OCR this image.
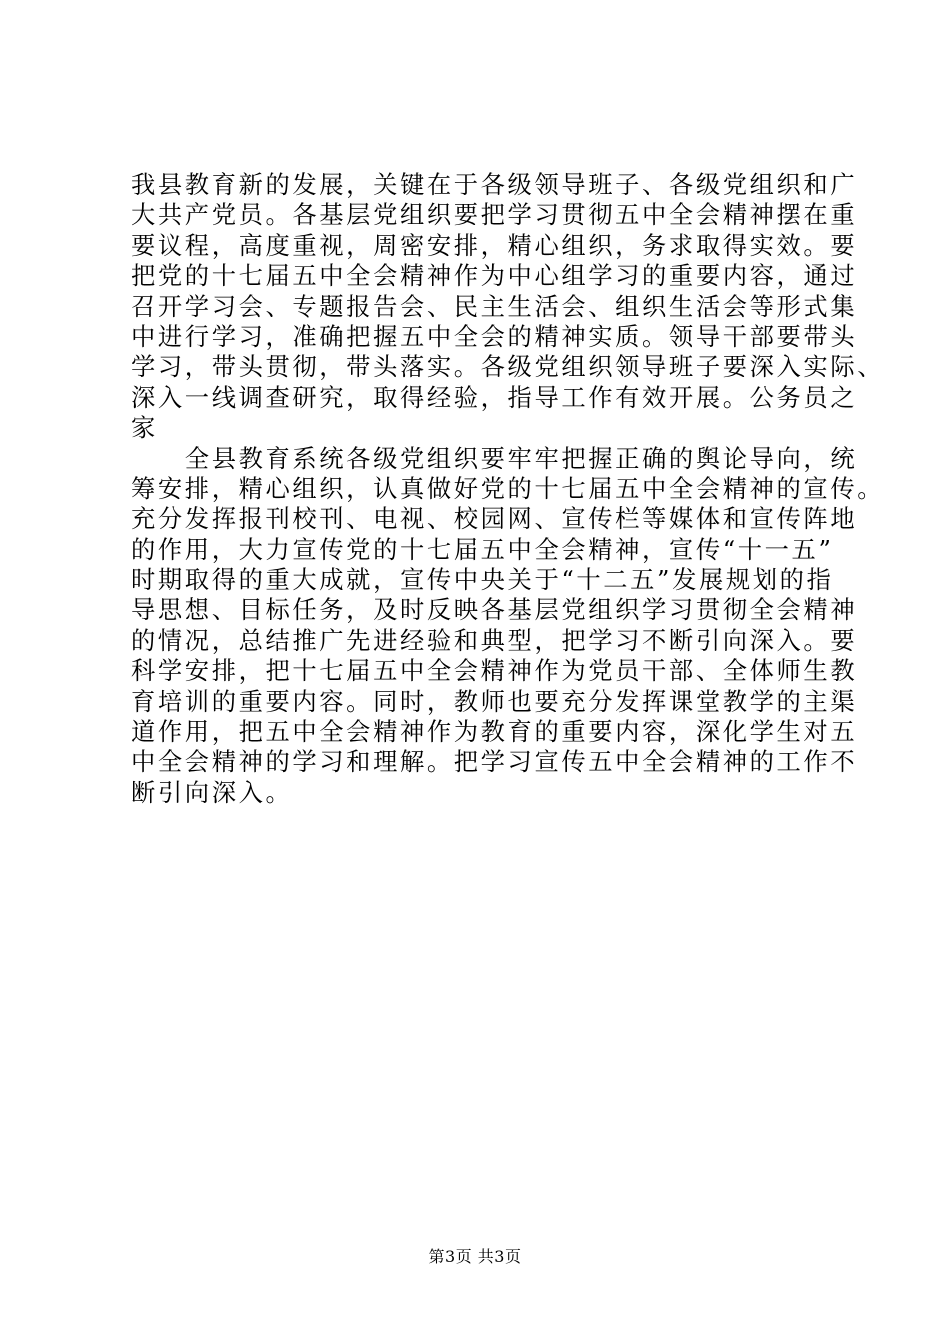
我县教育新的发展，关键在于各级领导班子、各级党组织和广
大共产党员。各基层党组织要把学习贯彻五中全会精神摆在重
要议程，高度重视，周密安排，精心组织，务求取得实效。要
把党的十七届五中全会精神作为中心组学习的重要内容，通过
召开学习会、专题报告会、民主生活会、组织生活会等形式集
中进行学习，准确把握五中全会的精神实质。领导干部要带头
学习，带头贯彻，带头落实。各级党组织领导班子要深入实际、
深入一线调查研究，取得经验，指导工作有效开展。公务员之
家
　　全县教育系统各级党组织要牢牢把握正确的舆论导向，统
筹安排，精心组织，认真做好党的十七届五中全会精神的宣传。
充分发挥报刊校刊、电视、校园网、宣传栏等媒体和宣传阵地
的作用，大力宣传党的十七届五中全会精神，宣传“十一五”
时期取得的重大成就，宣传中央关于“十二五”发展规划的指
导思想、目标任务，及时反映各基层党组织学习贯彻全会精神
的情况，总结推广先进经验和典型，把学习不断引向深入。要
科学安排，把十七届五中全会精神作为党员干部、全体师生教
育培训的重要内容。同时，教师也要充分发挥课堂教学的主渠
道作用，把五中全会精神作为教育的重要内容，深化学生对五
中全会精神的学习和理解。把学习宣传五中全会精神的工作不
断引向深入。
第3页 共3页
